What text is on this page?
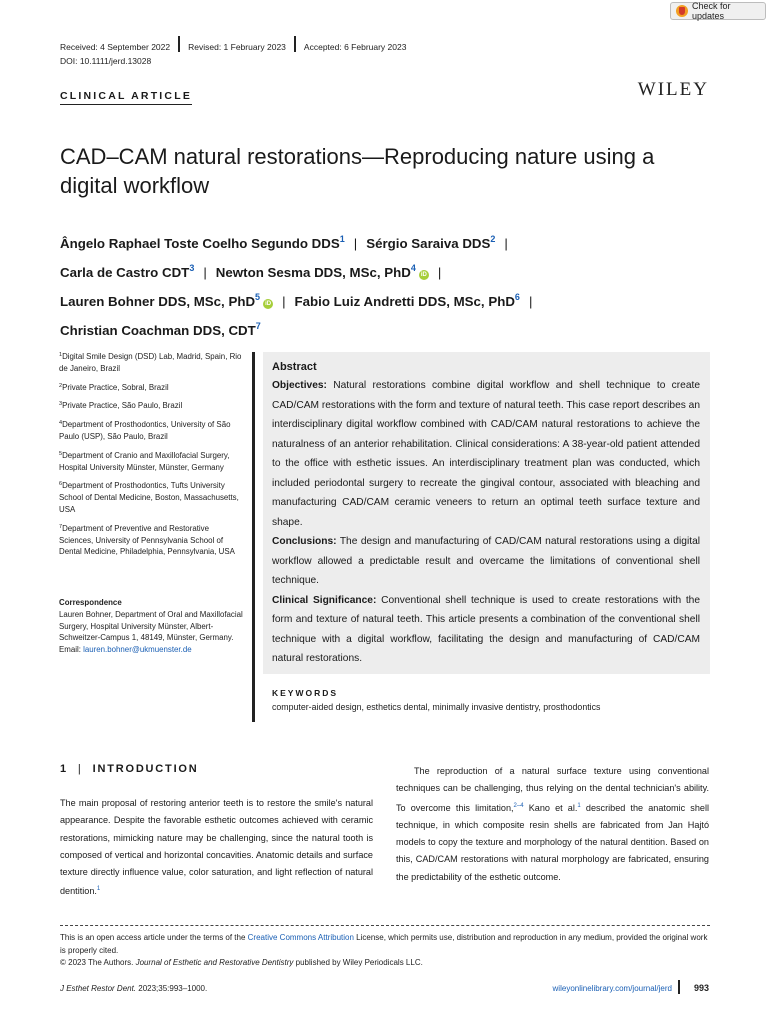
Check for updates
Received: 4 September 2022	Revised: 1 February 2023	Accepted: 6 February 2023
DOI: 10.1111/jerd.13028
CLINICAL ARTICLE	WILEY
CAD–CAM natural restorations—Reproducing nature using a digital workflow
Ângelo Raphael Toste Coelho Segundo DDS$^1$ | Sérgio Saraiva DDS$^2$ |
Carla de Castro CDT$^3$ | Newton Sesma DDS, MSc, PhD$^4$iD |
Lauren Bohner DDS, MSc, PhD$^5$iD | Fabio Luiz Andretti DDS, MSc, PhD$^6$ |
Christian Coachman DDS, CDT$^7$
$^1$Digital Smile Design (DSD) Lab, Madrid, Spain, Rio de Janeiro, Brazil
$^2$Private Practice, Sobral, Brazil
$^3$Private Practice, São Paulo, Brazil
$^4$Department of Prosthodontics, University of São Paulo (USP), São Paulo, Brazil
$^5$Department of Cranio and Maxillofacial Surgery, Hospital University Münster, Münster, Germany
$^6$Department of Prosthodontics, Tufts University School of Dental Medicine, Boston, Massachusetts, USA
$^7$Department of Preventive and Restorative Sciences, University of Pennsylvania School of Dental Medicine, Philadelphia, Pennsylvania, USA
Correspondence
Lauren Bohner, Department of Oral and Maxillofacial Surgery, Hospital University Münster, Albert-Schweitzer-Campus 1, 48149, Münster, Germany.
Email: lauren.bohner@ukmuenster.de
Abstract
Objectives: Natural restorations combine digital workflow and shell technique to create CAD/CAM restorations with the form and texture of natural teeth. This case report describes an interdisciplinary digital workflow combined with CAD/CAM natural restorations to achieve the naturalness of an anterior rehabilitation. Clinical considerations: A 38-year-old patient attended to the office with esthetic issues. An interdisciplinary treatment plan was conducted, which included periodontal surgery to recreate the gingival contour, associated with bleaching and manufacturing CAD/CAM ceramic veneers to return an optimal teeth surface texture and shape.
Conclusions: The design and manufacturing of CAD/CAM natural restorations using a digital workflow allowed a predictable result and overcame the limitations of conventional shell technique.
Clinical Significance: Conventional shell technique is used to create restorations with the form and texture of natural teeth. This article presents a combination of the conventional shell technique with a digital workflow, facilitating the design and manufacturing of CAD/CAM natural restorations.
KEYWORDS
computer-aided design, esthetics dental, minimally invasive dentistry, prosthodontics
1 | INTRODUCTION
The main proposal of restoring anterior teeth is to restore the smile's natural appearance. Despite the favorable esthetic outcomes achieved with ceramic restorations, mimicking nature may be challenging, since the natural tooth is composed of vertical and horizontal concavities. Anatomic details and surface texture directly influence value, color saturation, and light reflection of natural dentition.$^1$
The reproduction of a natural surface texture using conventional techniques can be challenging, thus relying on the dental technician's ability. To overcome this limitation,$^{2-4}$ Kano et al.$^1$ described the anatomic shell technique, in which composite resin shells are fabricated from Jan Hajtó models to copy the texture and morphology of the natural dentition. Based on this, CAD/CAM restorations with natural morphology are fabricated, ensuring the predictability of the esthetic outcome.
This is an open access article under the terms of the Creative Commons Attribution License, which permits use, distribution and reproduction in any medium, provided the original work is properly cited.
© 2023 The Authors. Journal of Esthetic and Restorative Dentistry published by Wiley Periodicals LLC.
J Esthet Restor Dent. 2023;35:993–1000.	wileyonlinelibrary.com/journal/jerd 993
